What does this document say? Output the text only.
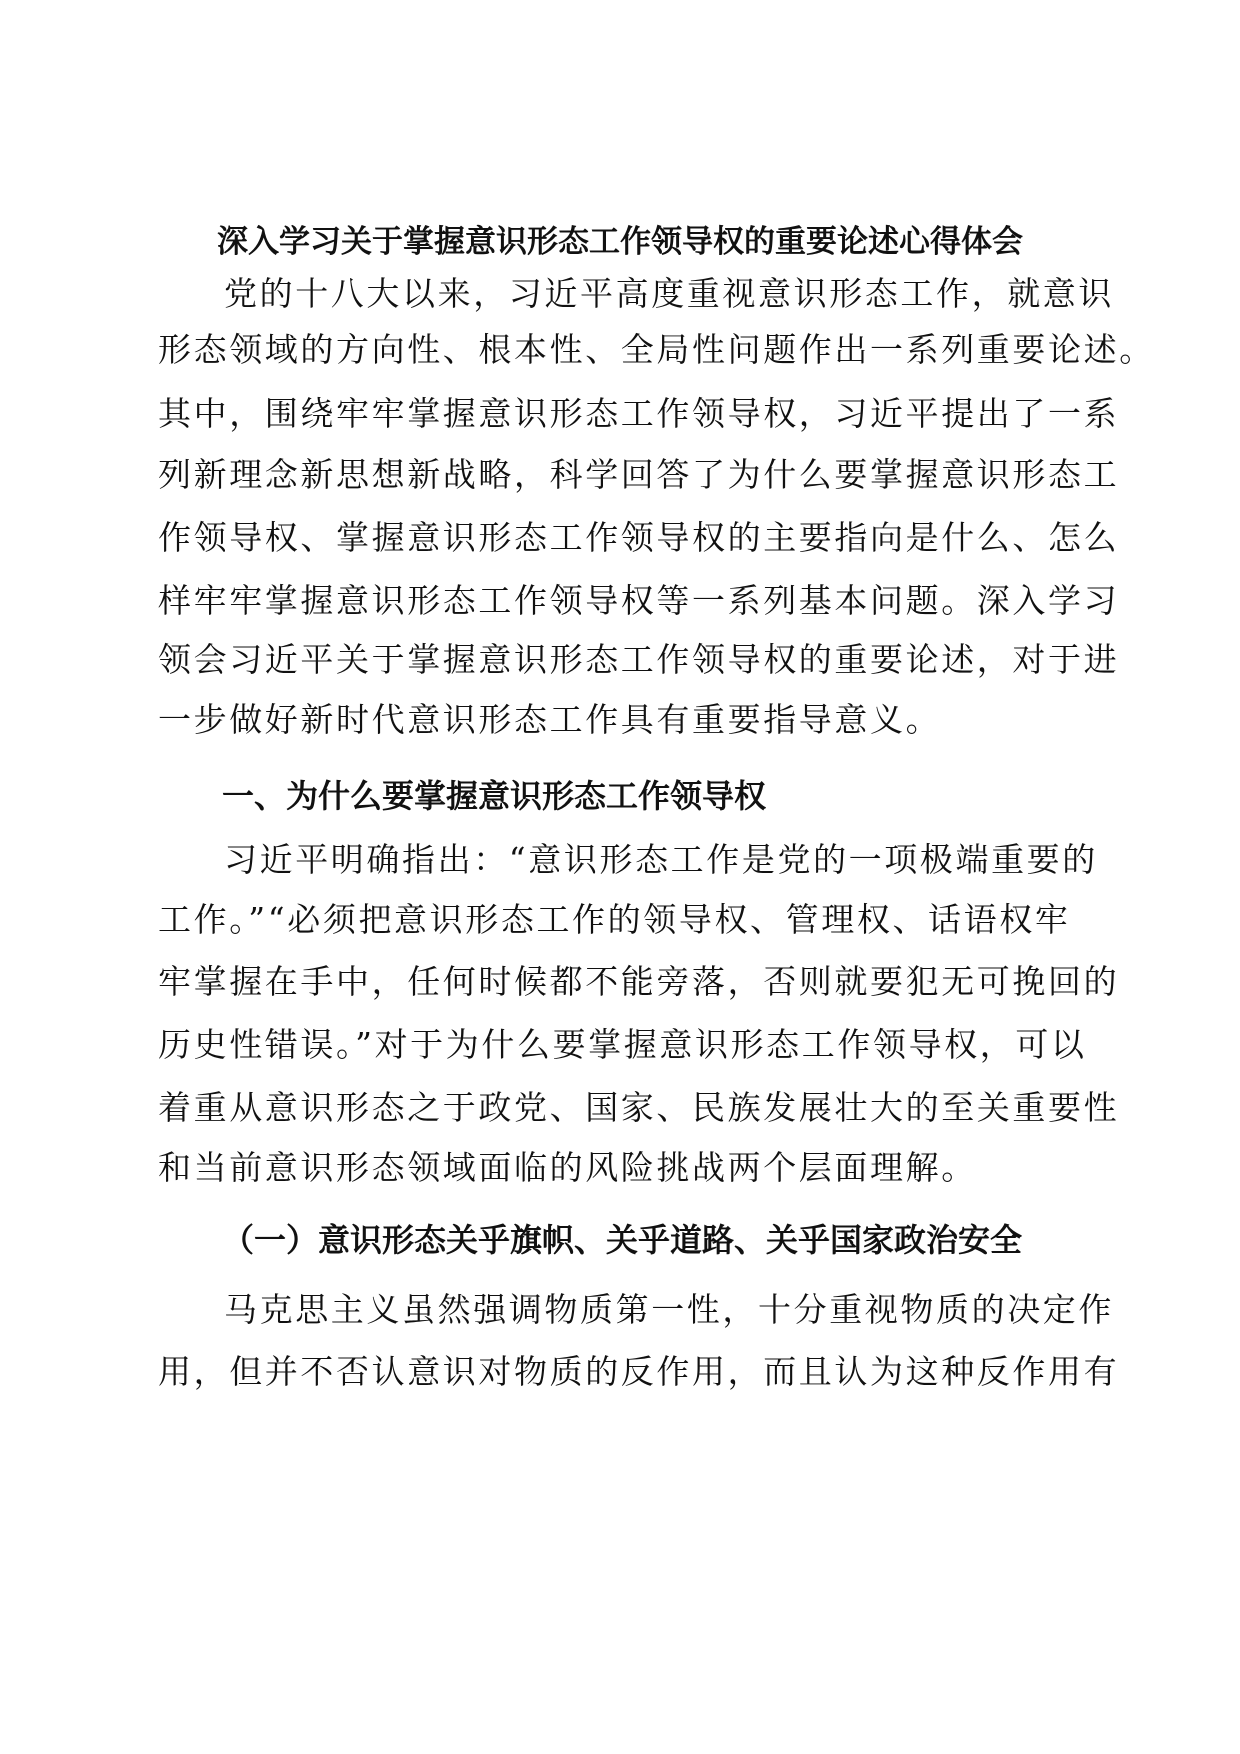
深入学习关于掌握意识形态工作领导权的重要论述心得体会
党的十八大以来，习近平高度重视意识形态工作，就意识
形态领域的方向性、根本性、全局性问题作出一系列重要论述。
其中，围绕牢牢掌握意识形态工作领导权，习近平提出了一系
列新理念新思想新战略，科学回答了为什么要掌握意识形态工
作领导权、掌握意识形态工作领导权的主要指向是什么、怎么
样牢牢掌握意识形态工作领导权等一系列基本问题。深入学习
领会习近平关于掌握意识形态工作领导权的重要论述，对于进
一步做好新时代意识形态工作具有重要指导意义。
一、为什么要掌握意识形态工作领导权
习近平明确指出：“意识形态工作是党的一项极端重要的
工作。”“必须把意识形态工作的领导权、管理权、话语权牢
牢掌握在手中，任何时候都不能旁落，否则就要犯无可挽回的
历史性错误。”对于为什么要掌握意识形态工作领导权，可以
着重从意识形态之于政党、国家、民族发展壮大的至关重要性
和当前意识形态领域面临的风险挑战两个层面理解。
（一）意识形态关乎旗帜、关乎道路、关乎国家政治安全
马克思主义虽然强调物质第一性，十分重视物质的决定作
用，但并不否认意识对物质的反作用，而且认为这种反作用有
